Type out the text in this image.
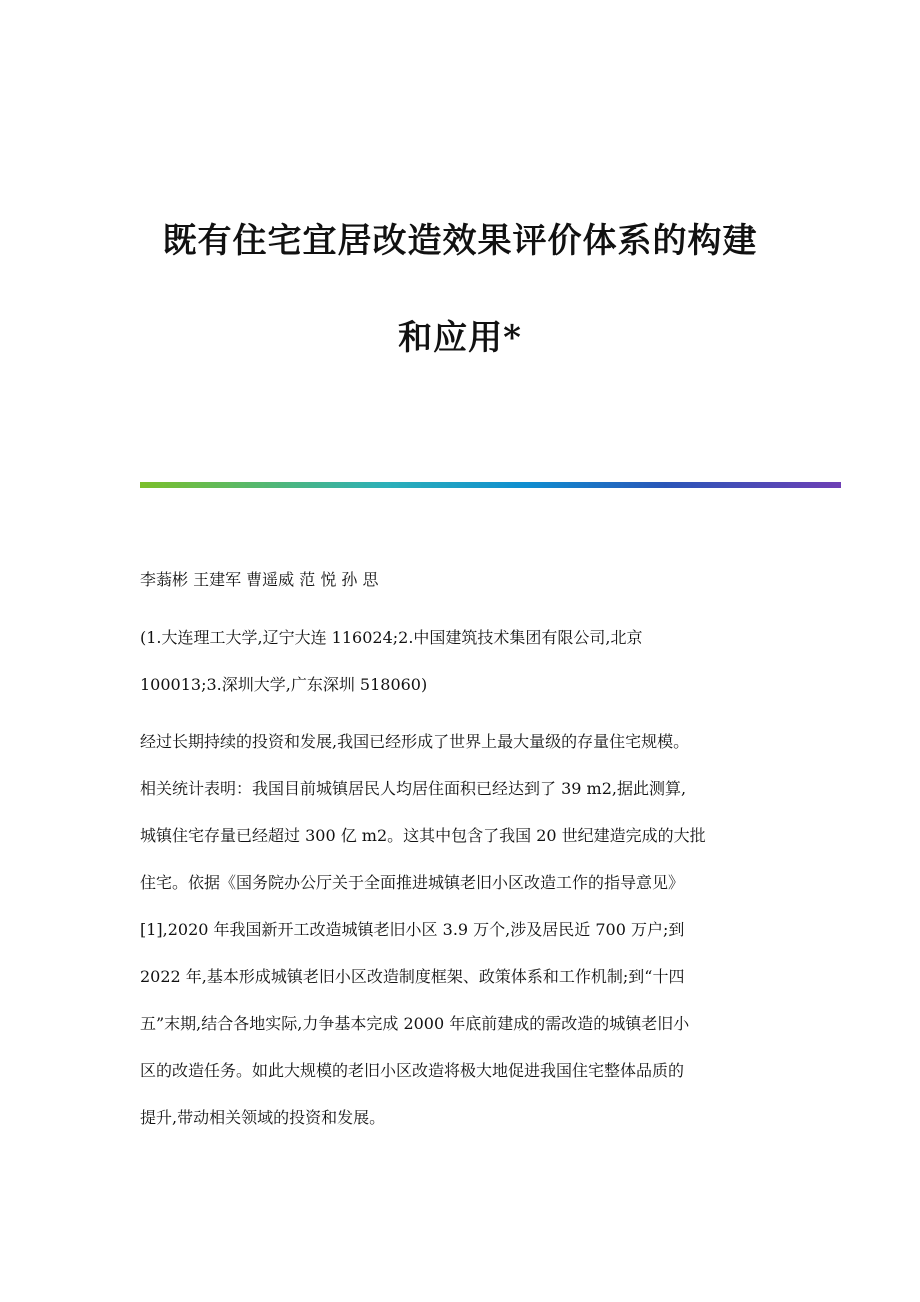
既有住宅宜居改造效果评价体系的构建
和应用*
李蓊彬 王建军 曹遥威 范 悦 孙 思
(1.大连理工大学,辽宁大连 116024;2.中国建筑技术集团有限公司,北京
100013;3.深圳大学,广东深圳 518060)
经过长期持续的投资和发展,我国已经形成了世界上最大量级的存量住宅规模。
相关统计表明：我国目前城镇居民人均居住面积已经达到了 39 m2,据此测算,
城镇住宅存量已经超过 300 亿 m2。这其中包含了我国 20 世纪建造完成的大批
住宅。依据《国务院办公厅关于全面推进城镇老旧小区改造工作的指导意见》
[1],2020 年我国新开工改造城镇老旧小区 3.9 万个,涉及居民近 700 万户;到
2022 年,基本形成城镇老旧小区改造制度框架、政策体系和工作机制;到“十四
五”末期,结合各地实际,力争基本完成 2000 年底前建成的需改造的城镇老旧小
区的改造任务。如此大规模的老旧小区改造将极大地促进我国住宅整体品质的
提升,带动相关领域的投资和发展。
